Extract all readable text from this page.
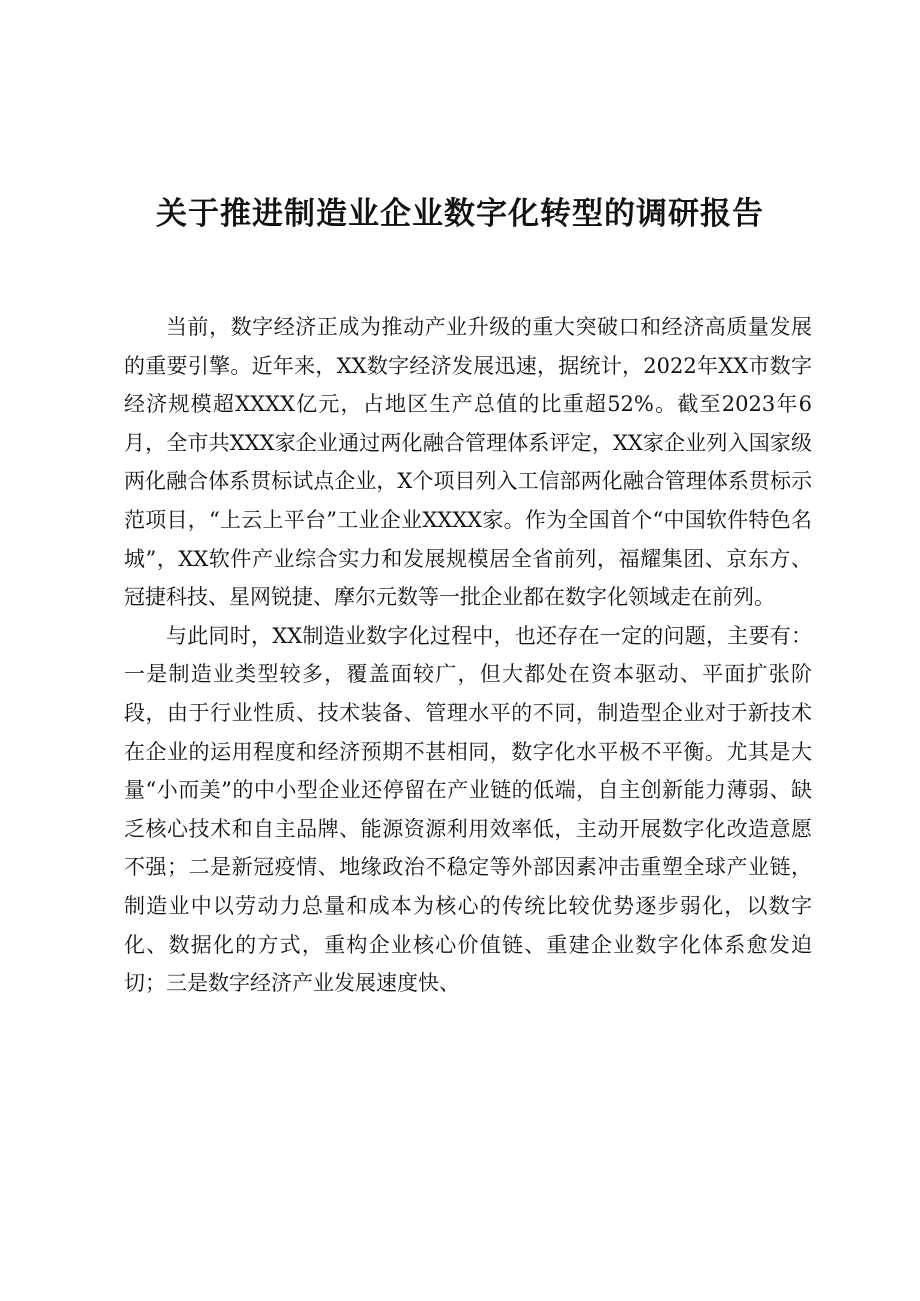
关于推进制造业企业数字化转型的调研报告

当前，数字经济正成为推动产业升级的重大突破口和经济高质量发展的重要引擎。近年来，XX数字经济发展迅速，据统计，2022年XX市数字经济规模超XXXX亿元，占地区生产总值的比重超52%。截至2023年6月，全市共XXX家企业通过两化融合管理体系评定，XX家企业列入国家级两化融合体系贯标试点企业，X个项目列入工信部两化融合管理体系贯标示范项目，“上云上平台”工业企业XXXX家。作为全国首个“中国软件特色名城”，XX软件产业综合实力和发展规模居全省前列，福耀集团、京东方、冠捷科技、星网锐捷、摩尔元数等一批企业都在数字化领域走在前列。

与此同时，XX制造业数字化过程中，也还存在一定的问题，主要有：一是制造业类型较多，覆盖面较广，但大都处在资本驱动、平面扩张阶段，由于行业性质、技术装备、管理水平的不同，制造型企业对于新技术在企业的运用程度和经济预期不甚相同，数字化水平极不平衡。尤其是大量“小而美”的中小型企业还停留在产业链的低端，自主创新能力薄弱、缺乏核心技术和自主品牌、能源资源利用效率低，主动开展数字化改造意愿不强；二是新冠疫情、地缘政治不稳定等外部因素冲击重塑全球产业链，制造业中以劳动力总量和成本为核心的传统比较优势逐步弱化，以数字化、数据化的方式，重构企业核心价值链、重建企业数字化体系愈发迫切；三是数字经济产业发展速度快、
